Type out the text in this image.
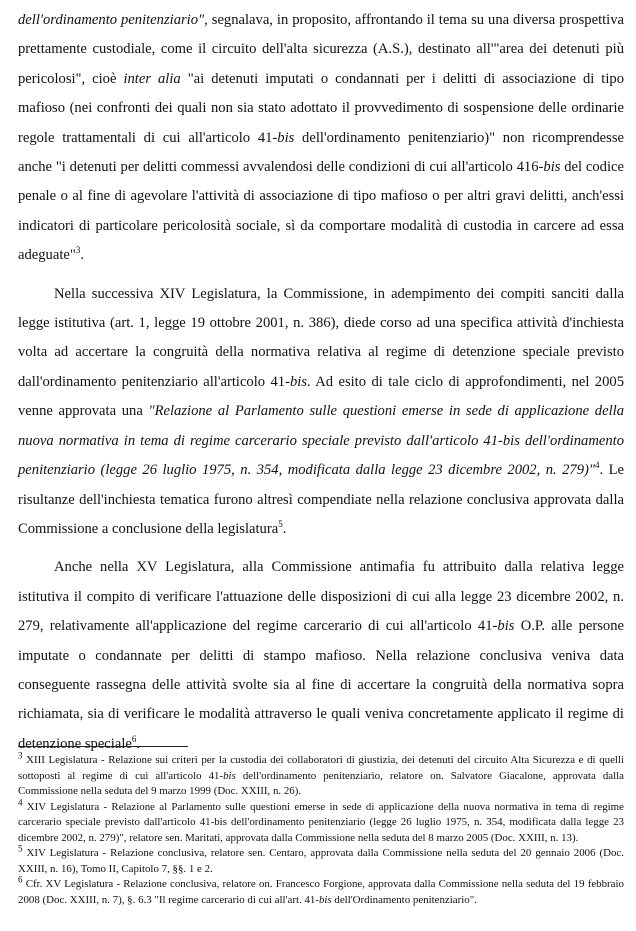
dell'ordinamento penitenziario", segnalava, in proposito, affrontando il tema su una diversa prospettiva prettamente custodiale, come il circuito dell'alta sicurezza (A.S.), destinato all'"area dei detenuti più pericolosi", cioè inter alia "ai detenuti imputati o condannati per i delitti di associazione di tipo mafioso (nei confronti dei quali non sia stato adottato il provvedimento di sospensione delle ordinarie regole trattamentali di cui all'articolo 41-bis dell'ordinamento penitenziario)" non ricomprendesse anche "i detenuti per delitti commessi avvalendosi delle condizioni di cui all'articolo 416-bis del codice penale o al fine di agevolare l'attività di associazione di tipo mafioso o per altri gravi delitti, anch'essi indicatori di particolare pericolosità sociale, sì da comportare modalità di custodia in carcere ad essa adeguate"$^3$.

Nella successiva XIV Legislatura, la Commissione, in adempimento dei compiti sanciti dalla legge istitutiva (art. 1, legge 19 ottobre 2001, n. 386), diede corso ad una specifica attività d'inchiesta volta ad accertare la congruità della normativa relativa al regime di detenzione speciale previsto dall'ordinamento penitenziario all'articolo 41-bis. Ad esito di tale ciclo di approfondimenti, nel 2005 venne approvata una "Relazione al Parlamento sulle questioni emerse in sede di applicazione della nuova normativa in tema di regime carcerario speciale previsto dall'articolo 41-bis dell'ordinamento penitenziario (legge 26 luglio 1975, n. 354, modificata dalla legge 23 dicembre 2002, n. 279)"$^4$. Le risultanze dell'inchiesta tematica furono altresì compendiate nella relazione conclusiva approvata dalla Commissione a conclusione della legislatura$^5$.

Anche nella XV Legislatura, alla Commissione antimafia fu attribuito dalla relativa legge istitutiva il compito di verificare l'attuazione delle disposizioni di cui alla legge 23 dicembre 2002, n. 279, relativamente all'applicazione del regime carcerario di cui all'articolo 41-bis O.P. alle persone imputate o condannate per delitti di stampo mafioso. Nella relazione conclusiva veniva data conseguente rassegna delle attività svolte sia al fine di accertare la congruità della normativa sopra richiamata, sia di verificare le modalità attraverso le quali veniva concretamente applicato il regime di detenzione speciale$^6$.

$^3$ XIII Legislatura - Relazione sui criteri per la custodia dei collaboratori di giustizia, dei detenuti del circuito Alta Sicurezza e di quelli sottoposti al regime di cui all'articolo 41-bis dell'ordinamento penitenziario, relatore on. Salvatore Giacalone, approvata dalla Commissione nella seduta del 9 marzo 1999 (Doc. XXIII, n. 26).

$^4$ XIV Legislatura - Relazione al Parlamento sulle questioni emerse in sede di applicazione della nuova normativa in tema di regime carcerario speciale previsto dall'articolo 41-bis dell'ordinamento penitenziario (legge 26 luglio 1975, n. 354, modificata dalla legge 23 dicembre 2002, n. 279)", relatore sen. Maritati, approvata dalla Commissione nella seduta del 8 marzo 2005 (Doc. XXIII, n. 13).

$^5$ XIV Legislatura - Relazione conclusiva, relatore sen. Centaro, approvata dalla Commissione nella seduta del 20 gennaio 2006 (Doc. XXIII, n. 16), Tomo II, Capitolo 7, §§. 1 e 2.

$^6$ Cfr. XV Legislatura - Relazione conclusiva, relatore on. Francesco Forgione, approvata dalla Commissione nella seduta del 19 febbraio 2008 (Doc. XXIII, n. 7), §. 6.3 "Il regime carcerario di cui all'art. 41-bis dell'Ordinamento penitenziario".
